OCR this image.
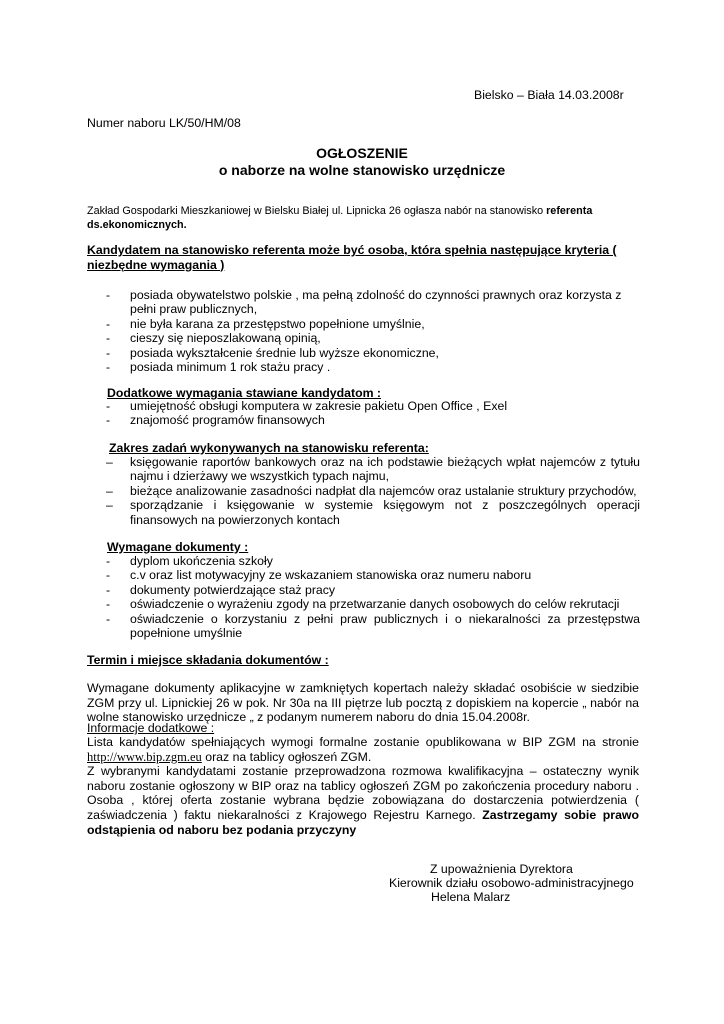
Bielsko – Biała 14.03.2008r
Numer naboru LK/50/HM/08
OGŁOSZENIE
o naborze na wolne stanowisko urzędnicze
Zakład Gospodarki Mieszkaniowej w Bielsku Białej ul. Lipnicka 26 ogłasza nabór na stanowisko referenta ds.ekonomicznych.
Kandydatem na stanowisko referenta może być osoba, która spełnia następujące kryteria ( niezbędne wymagania )
- posiada obywatelstwo polskie , ma pełną zdolność do czynności prawnych oraz korzysta z pełni praw publicznych,
- nie była karana za przestępstwo popełnione umyślnie,
- cieszy się nieposzlakowaną opinią,
- posiada wykształcenie średnie lub wyższe ekonomiczne,
- posiada minimum 1 rok stażu pracy .
Dodatkowe wymagania stawiane kandydatom :
- umiejętność obsługi komputera w zakresie pakietu Open Office , Exel
- znajomość programów finansowych
Zakres zadań wykonywanych na stanowisku referenta:
– księgowanie raportów bankowych oraz na ich podstawie bieżących wpłat najemców z tytułu najmu i dzierżawy we wszystkich typach najmu,
– bieżące analizowanie zasadności nadpłat dla najemców oraz ustalanie struktury przychodów,
– sporządzanie i księgowanie w systemie księgowym not z poszczególnych operacji finansowych na powierzonych kontach
Wymagane dokumenty :
- dyplom ukończenia szkoły
- c.v oraz list motywacyjny ze wskazaniem stanowiska oraz numeru naboru
- dokumenty potwierdzające staż pracy
- oświadczenie o wyrażeniu zgody na przetwarzanie danych osobowych do celów rekrutacji
- oświadczenie o korzystaniu z pełni praw publicznych i o niekaralności za przestępstwa popełnione umyślnie
Termin i miejsce składania dokumentów :
Wymagane dokumenty aplikacyjne w zamkniętych kopertach należy składać osobiście w siedzibie ZGM przy ul. Lipnickiej 26 w pok. Nr 30a na III piętrze lub pocztą z dopiskiem na kopercie „ nabór na wolne stanowisko urzędnicze „ z podanym numerem naboru do dnia 15.04.2008r.
Informacje dodatkowe :
Lista kandydatów spełniających wymogi formalne zostanie opublikowana w BIP ZGM na stronie http://www.bip.zgm.eu oraz na tablicy ogłoszeń ZGM.
Z wybranymi kandydatami zostanie przeprowadzona rozmowa kwalifikacyjna – ostateczny wynik naboru zostanie ogłoszony w BIP oraz na tablicy ogłoszeń ZGM po zakończenia procedury naboru . Osoba , której oferta zostanie wybrana będzie zobowiązana do dostarczenia potwierdzenia ( zaświadczenia ) faktu niekaralności z Krajowego Rejestru Karnego. Zastrzegamy sobie prawo odstąpienia od naboru bez podania przyczyny
Z upoważnienia Dyrektora
Kierownik działu osobowo-administracyjnego
Helena Malarz
